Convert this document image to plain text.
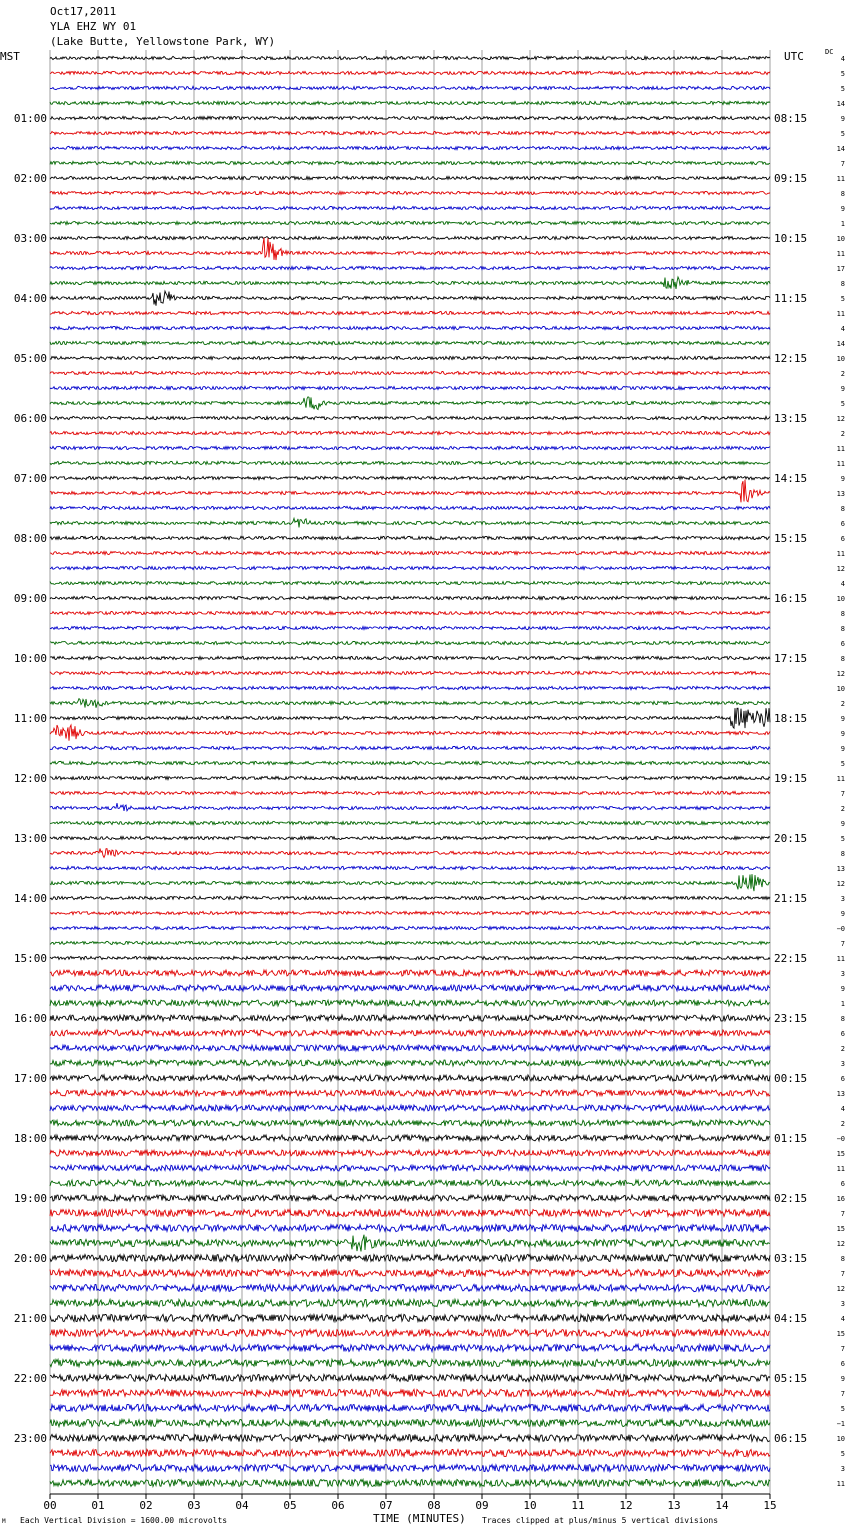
01:00
02:00
03:00
04:00
05:00
06:00
07:00
08:00
09:00
10:00
11:00
12:00
13:00
14:00
15:00
16:00
17:00
18:00
19:00
20:00
21:00
22:00
23:00
08:15
09:15
10:15
11:15
12:15
13:15
14:15
15:15
16:15
17:15
18:15
19:15
20:15
21:15
22:15
23:15
00:15
01:15
02:15
03:15
04:15
05:15
06:15
4
5
5
14
9
5
14
7
11
8
9
1
10
11
17
8
5
11
4
14
10
2
9
5
12
2
11
11
9
13
8
6
6
11
12
4
10
8
8
6
8
12
10
2
9
9
9
5
11
7
2
9
5
8
13
12
3
9
−0
7
11
3
9
1
8
6
2
3
6
13
4
2
−0
15
11
6
16
7
15
12
8
7
12
3
4
15
7
6
9
7
5
−1
10
5
3
11
00	01	02	03	04	05	06	07	08	09	10	11	12	13	14	15
Oct17,2011
YLA EHZ WY 01
(Lake Butte, Yellowstone Park, WY)
MST	UTC	DC
TIME (MINUTES)
Each Vertical Division = 1600.00 microvolts	Traces clipped at plus/minus 5 vertical divisions
M
